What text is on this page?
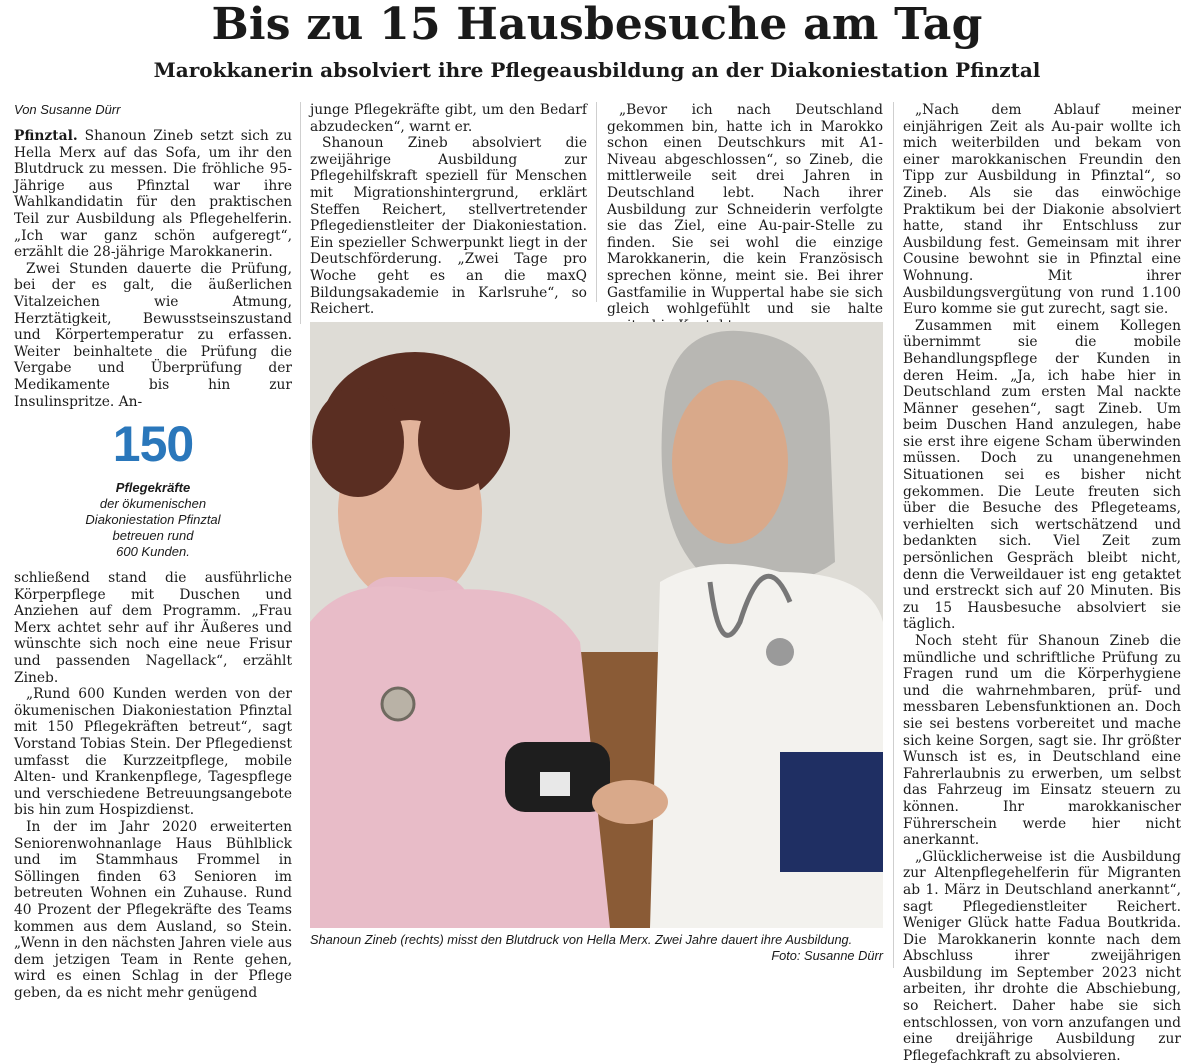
Bis zu 15 Hausbesuche am Tag
Marokkanerin absolviert ihre Pflegeausbildung an der Diakoniestation Pfinztal
Von Susanne Dürr

Pfinztal. Shanoun Zineb setzt sich zu Hella Merx auf das Sofa, um ihr den Blutdruck zu messen. Die fröhliche 95-Jährige aus Pfinztal war ihre Wahlkandidatin für den praktischen Teil zur Ausbildung als Pflegehelferin. „Ich war ganz schön aufgeregt“, erzählt die 28-jährige Marokkanerin.

Zwei Stunden dauerte die Prüfung, bei der es galt, die äußerlichen Vitalzeichen wie Atmung, Herztätigkeit, Bewusstseinszustand und Körpertemperatur zu erfassen. Weiter beinhaltete die Prüfung die Vergabe und Überprüfung der Medikamente bis hin zur Insulinspritze. An-

150
Pflegekräfte
der ökumenischen
Diakoniestation Pfinztal
betreuen rund
600 Kunden.

schließend stand die ausführliche Körperpflege mit Duschen und Anziehen auf dem Programm. „Frau Merx achtet sehr auf ihr Äußeres und wünschte sich noch eine neue Frisur und passenden Nagellack“, erzählt Zineb.

„Rund 600 Kunden werden von der ökumenischen Diakoniestation Pfinztal mit 150 Pflegekräften betreut“, sagt Vorstand Tobias Stein. Der Pflegedienst umfasst die Kurzzeitpflege, mobile Alten- und Krankenpflege, Tagespflege und verschiedene Betreuungsangebote bis hin zum Hospizdienst.

In der im Jahr 2020 erweiterten Seniorenwohnanlage Haus Bühlblick und im Stammhaus Frommel in Söllingen finden 63 Senioren im betreuten Wohnen ein Zuhause. Rund 40 Prozent der Pflegekräfte des Teams kommen aus dem Ausland, so Stein. „Wenn in den nächsten Jahren viele aus dem jetzigen Team in Rente gehen, wird es einen Schlag in der Pflege geben, da es nicht mehr genügend

junge Pflegekräfte gibt, um den Bedarf abzudecken“, warnt er.

Shanoun Zineb absolviert die zweijährige Ausbildung zur Pflegehilfskraft speziell für Menschen mit Migrationshintergrund, erklärt Steffen Reichert, stellvertretender Pflegedienstleiter der Diakoniestation. Ein spezieller Schwerpunkt liegt in der Deutschförderung. „Zwei Tage pro Woche geht es an die maxQ Bildungsakademie in Karlsruhe“, so Reichert.

„Bevor ich nach Deutschland gekommen bin, hatte ich in Marokko schon einen Deutschkurs mit A1-Niveau abgeschlossen“, so Zineb, die mittlerweile seit drei Jahren in Deutschland lebt. Nach ihrer Ausbildung zur Schneiderin verfolgte sie das Ziel, eine Au-pair-Stelle zu finden. Sie sei wohl die einzige Marokkanerin, die kein Französisch sprechen könne, meint sie. Bei ihrer Gastfamilie in Wuppertal habe sie sich gleich wohlgefühlt und sie halte

„Nach dem Ablauf meiner einjährigen Zeit als Au-pair wollte ich mich weiterbilden und bekam von einer marokkanischen Freundin den Tipp zur Ausbildung in Pfinztal“, so Zineb. Als sie das einwöchige Praktikum bei der Diakonie absolviert hatte, stand ihr Entschluss zur Ausbildung fest. Gemeinsam mit ihrer Cousine bewohnt sie in Pfinztal eine Wohnung. Mit ihrer Ausbildungsvergütung von rund 1.100 Euro komme sie gut zurecht, sagt sie.

Zusammen mit einem Kollegen übernimmt sie die mobile Behandlungspflege der Kunden in deren Heim. „Ja, ich habe hier in Deutschland zum ersten Mal nackte Männer gesehen“, sagt Zineb. Um beim Duschen Hand anzulegen, habe sie erst ihre eigene Scham überwinden müssen. Doch zu unangenehmen Situationen sei es bisher nicht gekommen. Die Leute freuten sich über die Besuche des Pflegeteams, verhielten sich wertschätzend und bedankten sich. Viel Zeit zum persönlichen Gespräch bleibt nicht, denn die Verweildauer ist eng getaktet und erstreckt sich auf 20 Minuten. Bis zu 15 Hausbesuche absolviert sie täglich.

Noch steht für Shanoun Zineb die mündliche und schriftliche Prüfung zu Fragen rund um die Körperhygiene und die wahrnehmbaren, prüf- und messbaren Lebensfunktionen an. Doch sie sei bestens vorbereitet und mache sich keine Sorgen, sagt sie. Ihr größter Wunsch ist es, in Deutschland eine Fahrerlaubnis zu erwerben, um selbst das Fahrzeug im Einsatz steuern zu können. Ihr marokkanischer Führerschein werde hier nicht anerkannt.

„Glücklicherweise ist die Ausbildung zur Altenpflegehelferin für Migranten ab 1. März in Deutschland anerkannt“, sagt Pflegedienstleiter Reichert. Weniger Glück hatte Fadua Boutkrida. Die Marokkanerin konnte nach dem Abschluss ihrer zweijährigen Ausbildung im September 2023 nicht arbeiten, ihr drohte die Abschiebung, so Reichert. Daher habe sie sich entschlossen, von vorn anzufangen und eine dreijährige Ausbildung zur Pflegefachkraft zu absolvieren.

Shanoun Zineb (rechts) misst den Blutdruck von Hella Merx. Zwei Jahre dauert ihre Ausbildung.
Foto: Susanne Dürr
